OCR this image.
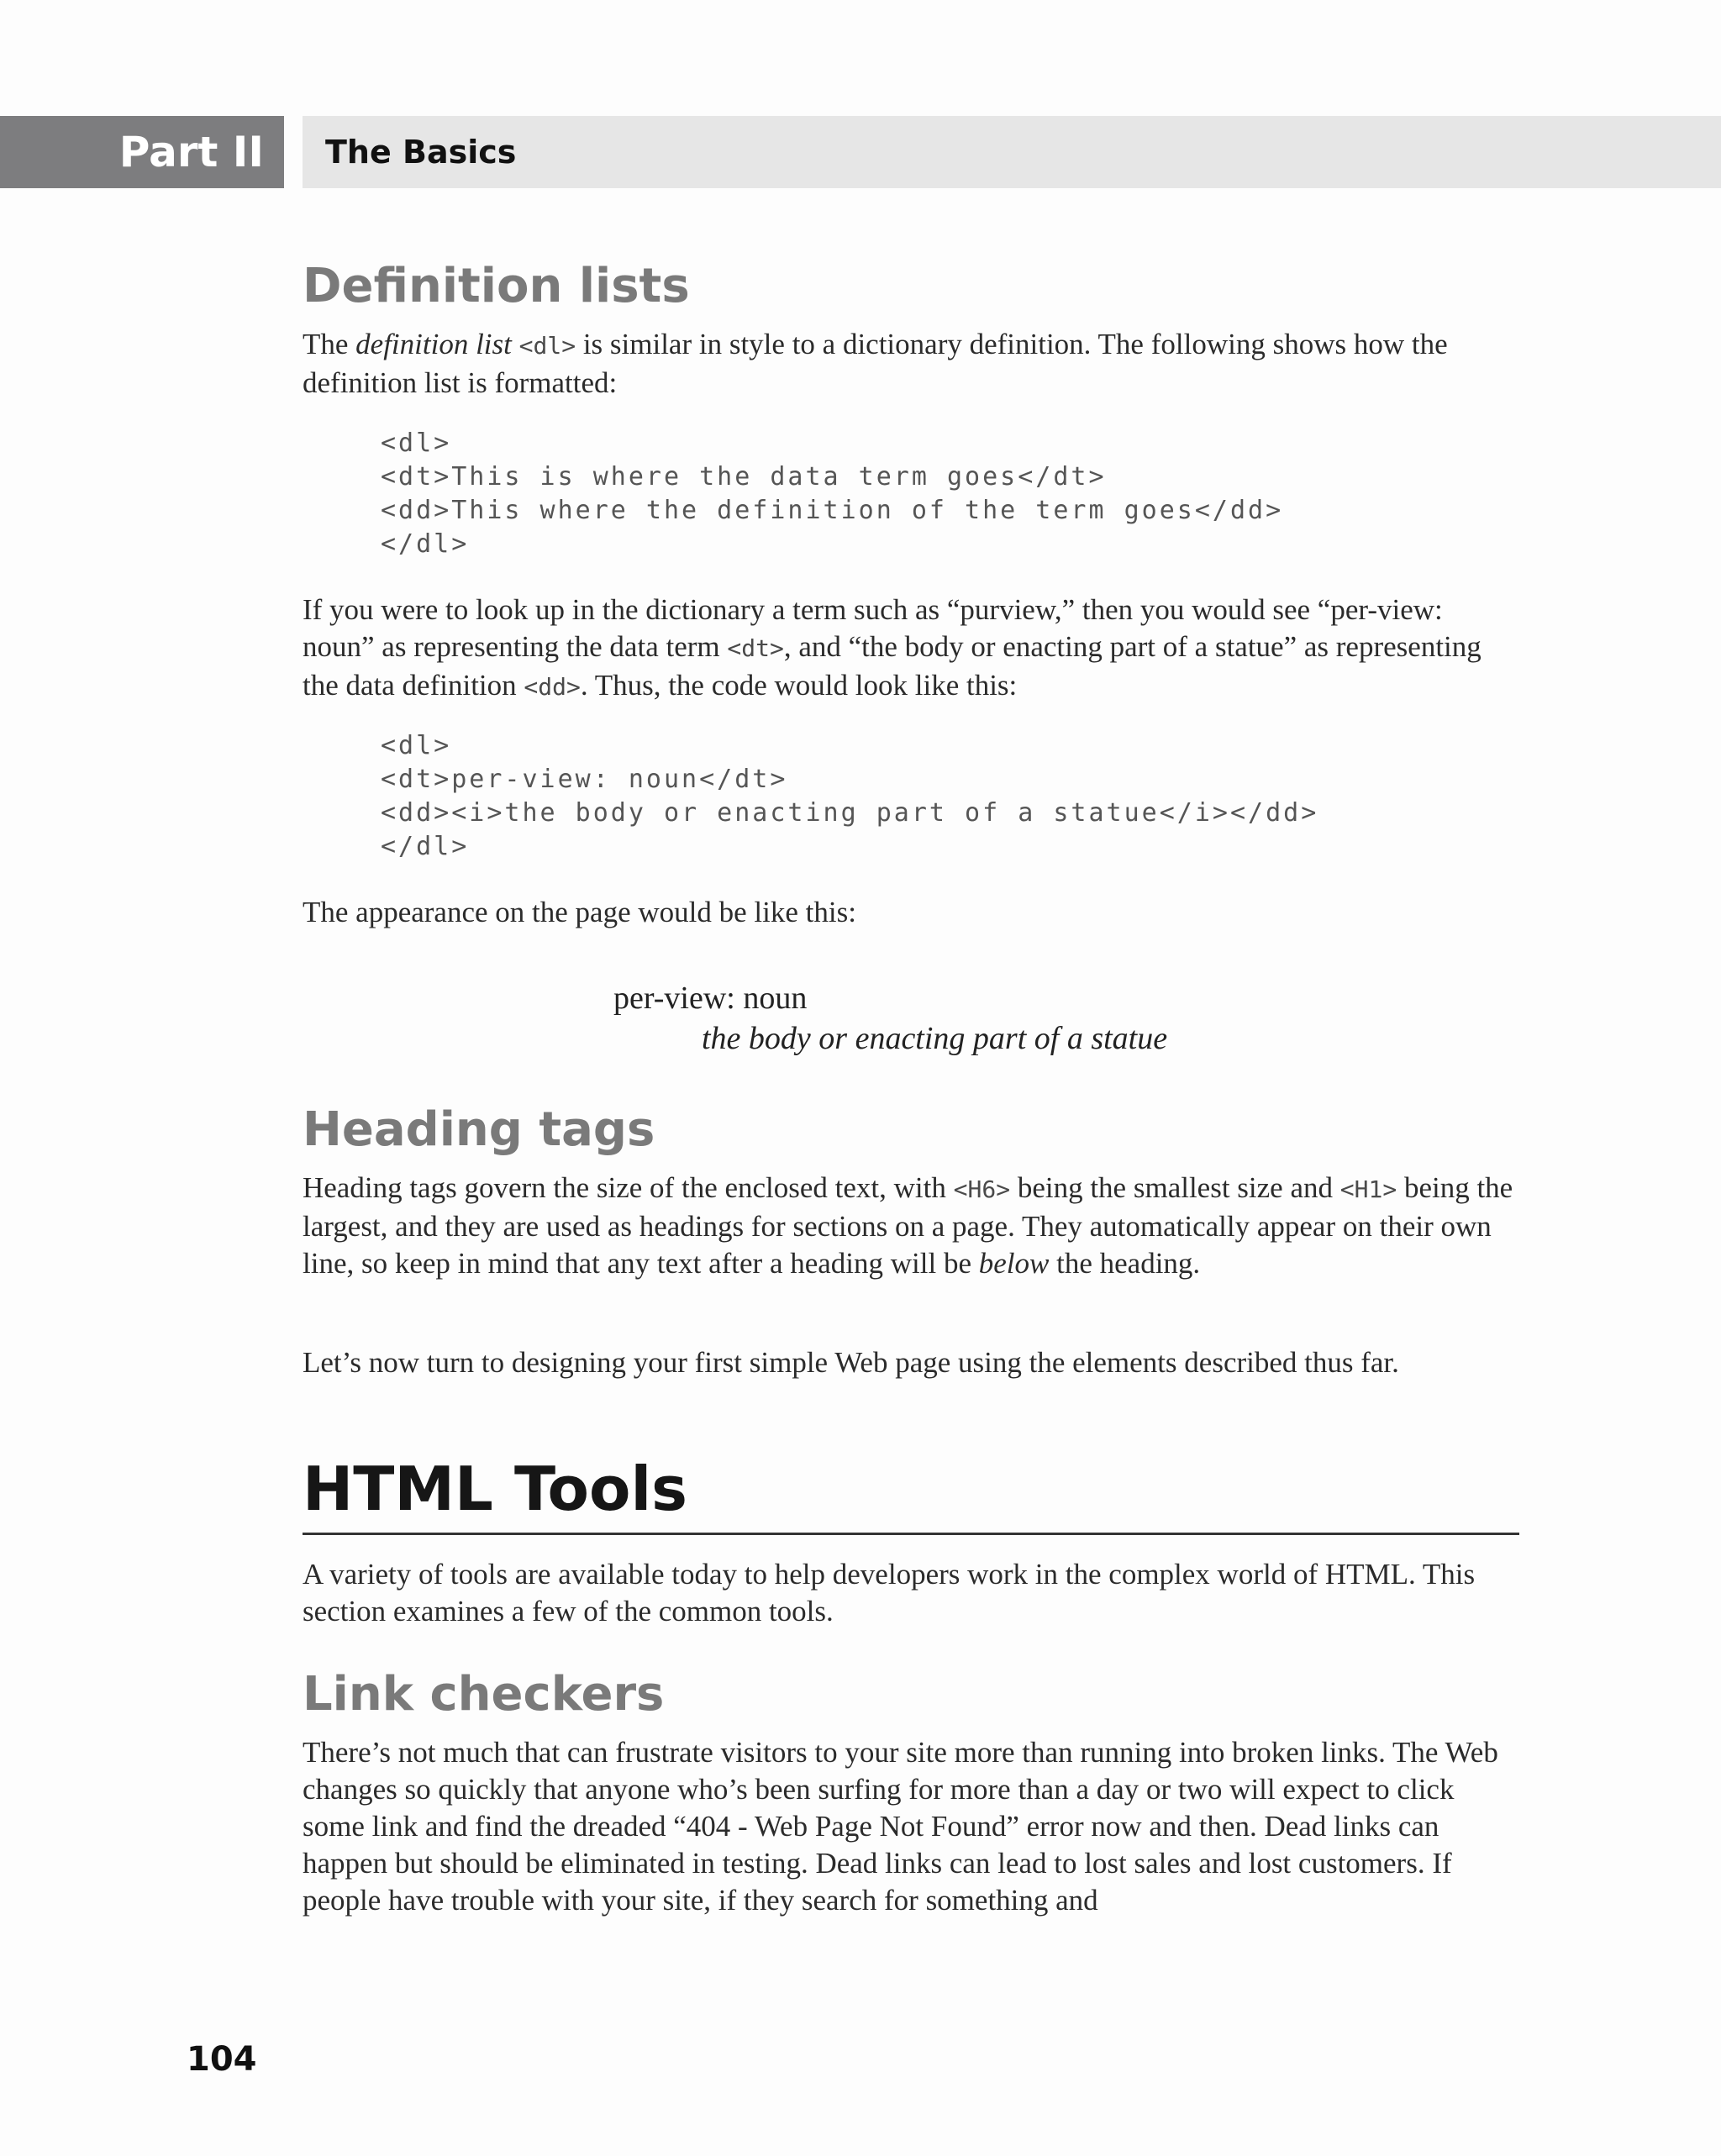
Part II The Basics
Definition lists

The definition list <dl> is similar in style to a dictionary definition. The following shows how the definition list is formatted:

<dl>
<dt>This is where the data term goes</dt>
<dd>This where the definition of the term goes</dd>
</dl>

If you were to look up in the dictionary a term such as “purview,” then you would see “per-view: noun” as representing the data term <dt>, and “the body or enacting part of a statue” as representing the data definition <dd>. Thus, the code would look like this:

<dl>
<dt>per-view: noun</dt>
<dd><i>the body or enacting part of a statue</i></dd>
</dl>

The appearance on the page would be like this:

per-view: noun
the body or enacting part of a statue
Heading tags

Heading tags govern the size of the enclosed text, with <H6> being the smallest size and <H1> being the largest, and they are used as headings for sections on a page. They automatically appear on their own line, so keep in mind that any text after a heading will be below the heading.

Let’s now turn to designing your first simple Web page using the elements described thus far.

HTML Tools

A variety of tools are available today to help developers work in the complex world of HTML. This section examines a few of the common tools.

Link checkers

There’s not much that can frustrate visitors to your site more than running into broken links. The Web changes so quickly that anyone who’s been surfing for more than a day or two will expect to click some link and find the dreaded “404 - Web Page Not Found” error now and then. Dead links can happen but should be eliminated in testing. Dead links can lead to lost sales and lost customers. If people have trouble with your site, if they search for something and

104
